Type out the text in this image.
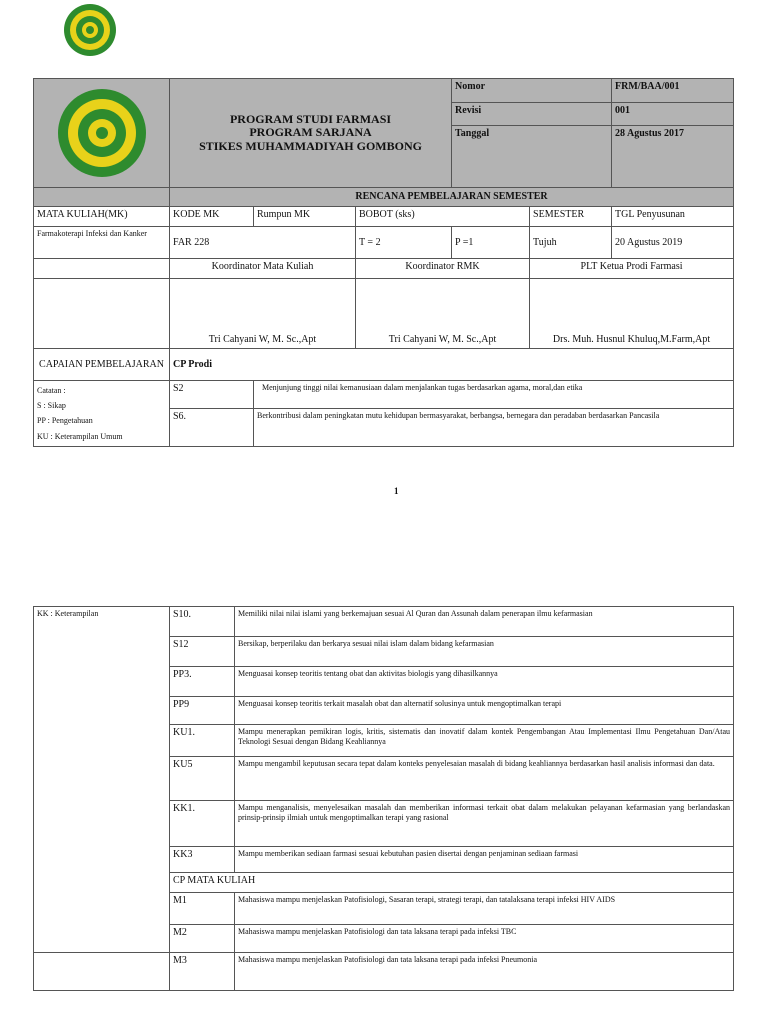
PROGRAM STUDI FARMASI
PROGRAM SARJANA
STIKES MUHAMMADIYAH GOMBONG			Nomor		FRM/BAA/001
				Revisi		001
				Tanggal		28 Agustus 2017

	RENCANA PEMBELAJARAN SEMESTER					
MATA KULIAH(MK)	KODE MK	Rumpun MK	BOBOT (sks)		SEMESTER	TGL Penyusunan
Farmakoterapi Infeksi dan Kanker	FAR 228		T = 2	P =1	Tujuh	20 Agustus 2019
	Koordinator Mata Kuliah		Koordinator RMK		PLT Ketua Prodi Farmasi	
	Tri Cahyani W, M. Sc.,Apt		Tri Cahyani W, M. Sc.,Apt		Drs. Muh. Husnul Khuluq,M.Farm,Apt	
CAPAIAN PEMBELAJARAN	CP Prodi					

Catatan :
S : Sikap
PP : Pengetahuan
KU : Keterampilan Umum	S2	Menjunjung tinggi nilai kemanusiaan dalam menjalankan tugas berdasarkan agama, moral,dan etika				
	S6.	Berkontribusi dalam peningkatan mutu kehidupan bermasyarakat, berbangsa, bernegara dan peradaban berdasarkan Pancasila				
1
KK : Keterampilan	S10.	Memiliki nilai nilai islami yang berkemajuan sesuai Al Quran dan Assunah dalam penerapan ilmu kefarmasian
	S12	Bersikap, berperilaku dan berkarya sesuai nilai islam dalam bidang kefarmasian
	PP3.	Menguasai konsep teoritis tentang obat dan aktivitas biologis yang dihasilkannya
	PP9	Menguasai konsep teoritis terkait masalah obat dan alternatif solusinya untuk mengoptimalkan terapi
	KU1.	Mampu menerapkan pemikiran logis, kritis, sistematis dan inovatif dalam kontek Pengembangan Atau Implementasi Ilmu Pengetahuan Dan/Atau Teknologi Sesuai dengan Bidang Keahliannya
	KU5	Mampu mengambil keputusan secara tepat dalam konteks penyelesaian masalah di bidang keahliannya berdasarkan hasil analisis informasi dan data.
	KK1.	Mampu menganalisis, menyelesaikan masalah dan memberikan informasi terkait obat dalam melakukan pelayanan kefarmasian yang berlandaskan prinsip-prinsip ilmiah untuk mengoptimalkan terapi yang rasional
	KK3	Mampu memberikan sediaan farmasi sesuai kebutuhan pasien disertai dengan penjaminan sediaan farmasi
	CP MATA KULIAH	
	M1	Mahasiswa mampu menjelaskan Patofisiologi, Sasaran terapi, strategi terapi, dan tatalaksana terapi infeksi HIV AIDS
	M2	Mahasiswa mampu menjelaskan Patofisiologi dan tata laksana terapi pada infeksi TBC
	M3	Mahasiswa mampu menjelaskan Patofisiologi dan tata laksana terapi pada infeksi Pneumonia
